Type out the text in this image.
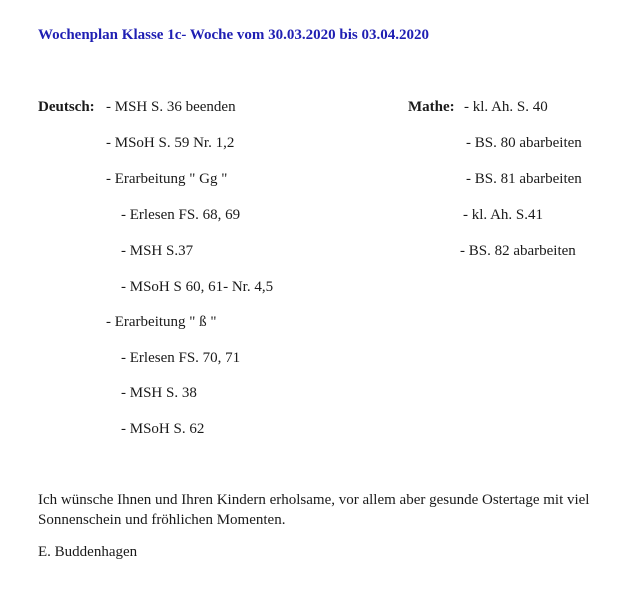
Wochenplan Klasse 1c- Woche vom 30.03.2020 bis 03.04.2020
Deutsch: - MSH S. 36 beenden
- MSoH S. 59 Nr. 1,2
- Erarbeitung " Gg "
- Erlesen FS. 68, 69
- MSH S.37
- MSoH S 60, 61- Nr. 4,5
- Erarbeitung " ß "
- Erlesen FS. 70, 71
- MSH S. 38
- MSoH S. 62
Mathe: - kl. Ah. S. 40
- BS. 80 abarbeiten
- BS. 81 abarbeiten
- kl. Ah. S.41
- BS. 82 abarbeiten
Ich wünsche Ihnen und Ihren Kindern erholsame, vor allem aber gesunde Ostertage mit viel
Sonnenschein und fröhlichen Momenten.
E. Buddenhagen
